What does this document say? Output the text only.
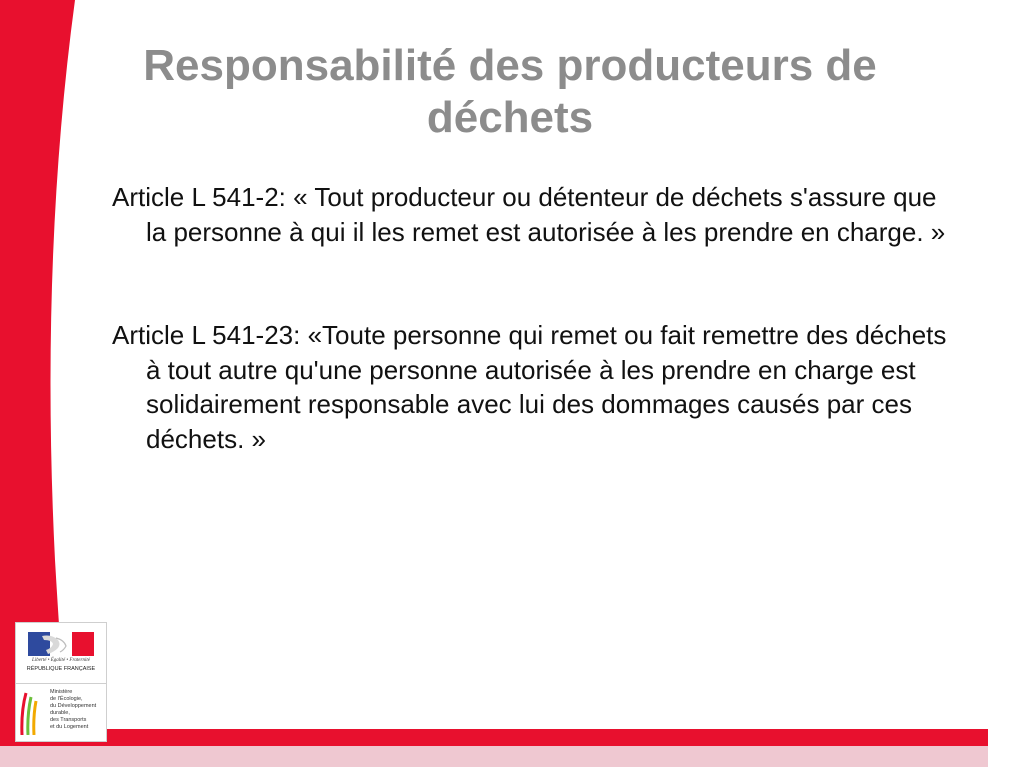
Responsabilité des producteurs de déchets

Article L 541-2: « Tout producteur ou détenteur de déchets s'assure que la personne à qui il les remet est autorisée à les prendre en charge. »

Article L 541-23: «Toute personne qui remet ou fait remettre des déchets à tout autre qu'une personne autorisée à les prendre en charge est solidairement responsable avec lui des dommages causés par ces déchets. »

Liberté • Égalité • Fraternité
RÉPUBLIQUE FRANÇAISE
Ministère
de l'Écologie,
du Développement
durable,
des Transports
et du Logement
